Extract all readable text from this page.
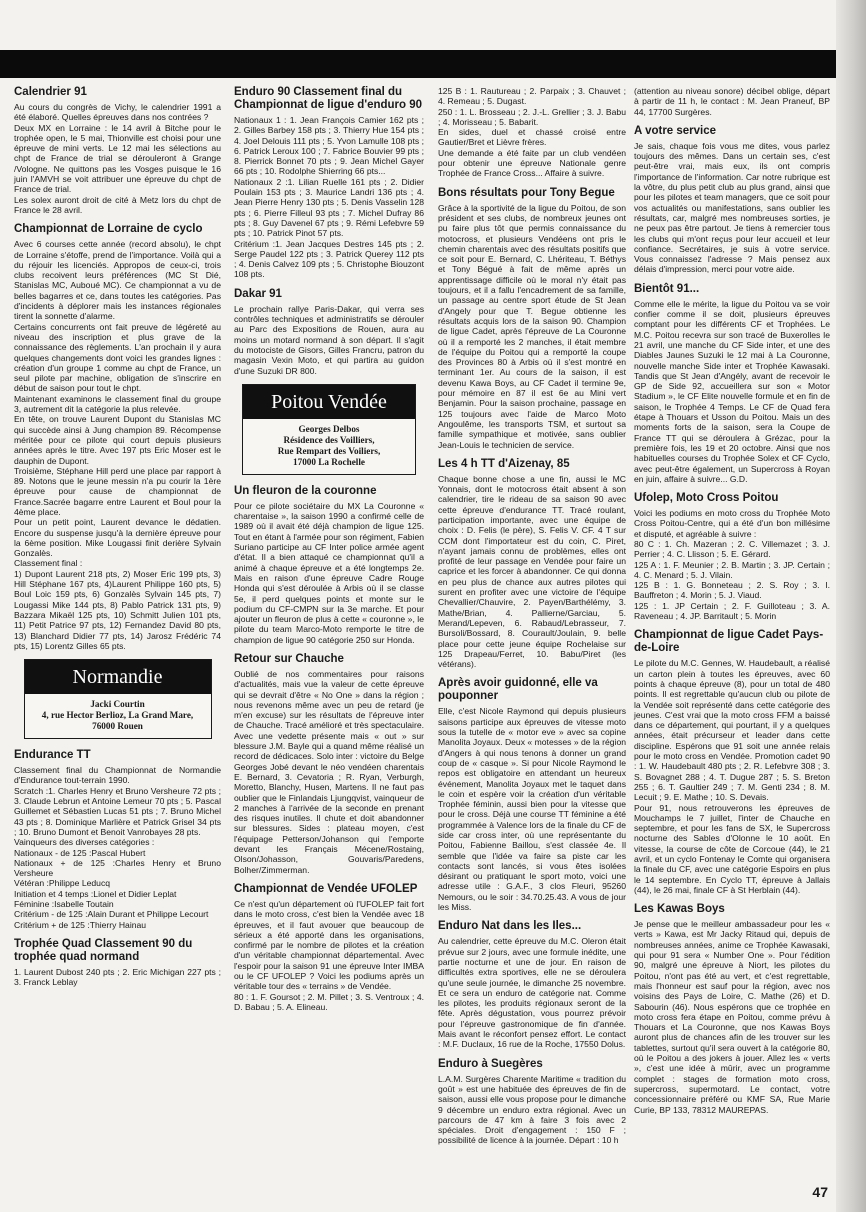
Calendrier 91

Au cours du congrès de Vichy, le calendrier 1991 a été élaboré. Quelles épreuves dans nos contrées ?

Deux MX en Lorraine : le 14 avril à Bitche pour le trophée open, le 5 mai, Thionville est choisi pour une épreuve de mini verts. Le 12 mai les sélections au chpt de France de trial se dérouleront à Grange /Vologne. Ne quittons pas les Vosges puisque le 16 juin l'AMVH se voit attribuer une épreuve du chpt de France de trial.

Les solex auront droit de cité à Metz lors du chpt de France le 28 avril.

Championnat de Lorraine de cyclo

Avec 6 courses cette année (record absolu), le chpt de Lorraine s'étoffe, prend de l'importance. Voilà qui a du réjouir les licenciés. Appropos de ceux-ci, trois clubs recoivent leurs préférences (MC St Dié, Stanislas MC, Auboué MC). Ce championnat a vu de belles bagarres et ce, dans toutes les catégories. Pas d'incidents à déplorer mais les instances régionales tirent la sonnette d'alarme.

Certains concurrents ont fait preuve de légéreté au niveau des inscription et plus grave de la connaissance des règlements. L'an prochain il y aura quelques changements dont voici les grandes lignes : création d'un groupe 1 comme au chpt de France, un seul pilote par machine, obligation de s'inscrire en début de saison pour tout le chpt.

Maintenant examinons le classement final du groupe 3, autrement dit la catégorie la plus relevée.

En tête, on trouve Laurent Dupont du Stanislas MC qui succède ainsi à Jung champion 89. Récompense méritée pour ce pilote qui court depuis plusieurs années après le titre. Avec 197 pts Eric Moser est le dauphin de Dupont.

Troisième, Stéphane Hill perd une place par rapport à 89. Notons que le jeune messin n'a pu courir la 1ère épreuve pour cause de championnat de France.Sacrée bagarre entre Laurent et Boul pour la 4ème place.

Pour un petit point, Laurent devance le dédatien. Encore du suspense jusqu'à la dernière épreuve pour la 6ème position. Mike Lougassi finit derière Sylvain Gonzalès.

Classement final :

1) Dupont Laurent 218 pts, 2) Moser Eric 199 pts, 3) Hill Stéphane 167 pts, 4)Laurent Philippe 160 pts, 5) Boul Loic 159 pts, 6) Gonzalès Sylvain 145 pts, 7) Lougassi Mike 144 pts, 8) Pablo Patrick 131 pts, 9) Bazzara Mikaël 125 pts, 10) Schmitt Julien 101 pts, 11) Petit Patrice 97 pts, 12) Fernandez David 80 pts, 13) Blanchard Didier 77 pts, 14) Jarosz Frédéric 74 pts, 15) Lorentz Gilles 65 pts.

Normandie
Jacki Courtin
4, rue Hector Berlioz, La Grand Mare,
76000 Rouen
Endurance TT

Classement final du Championnat de Normandie d'Endurance tout-terrain 1990.

Scratch :1. Charles Henry et Bruno Versheure 72 pts ; 3. Claude Lebrun et Antoine Lemeur 70 pts ; 5. Pascal Guillemet et Sébastien Lucas 51 pts ; 7. Bruno Michel 43 pts ; 8. Dominique Marlière et Patrick Grisel 34 pts ; 10. Bruno Dumont et Benoit Vanrobayes 28 pts.

Vainqueurs des diverses catégories :

Nationaux - de 125 :Pascal Hubert

Nationaux + de 125 :Charles Henry et Bruno Versheure

Vétéran :Philippe Leducq

Initiation et 4 temps :Lionel et Didier Leplat

Féminine :Isabelle Toutain

Critérium - de 125 :Alain Durant et Philippe Lecourt

Critérium + de 125 :Thierry Hainau

Trophée Quad Classement 90 du trophée quad normand

1. Laurent Dubost 240 pts ; 2. Eric Michigan 227 pts ; 3. Franck Leblay

Enduro 90 Classement final du Championnat de ligue d'enduro 90

Nationaux 1 : 1. Jean François Camier 162 pts ; 2. Gilles Barbey 158 pts ; 3. Thierry Hue 154 pts ; 4. Joel Delouis 111 pts ; 5. Yvon Lamulle 108 pts ; 6. Patrick Leroux 100 ; 7. Fabrice Bouvier 99 pts ; 8. Pierrick Bonnet 70 pts ; 9. Jean Michel Gayer 66 pts ; 10. Rodolphe Shierring 66 pts...

Nationaux 2 :1. Lilian Ruelle 161 pts ; 2. Didier Poulain 153 pts ; 3. Maurice Landri 136 pts ; 4. Jean Pierre Henry 130 pts ; 5. Denis Vasselin 128 pts ; 6. Pierre Filleul 93 pts ; 7. Michel Dufray 86 pts ; 8. Guy Davenel 67 pts ; 9. Rémi Lefebvre 59 pts ; 10. Patrick Pinot 57 pts.

Critérium :1. Jean Jacques Destres 145 pts ; 2. Serge Paudel 122 pts ; 3. Patrick Querey 112 pts ; 4. Denis Calvez 109 pts ; 5. Christophe Biouzont 108 pts.

Dakar 91

Le prochain rallye Paris-Dakar, qui verra ses contrôles techniques et administratifs se dérouler au Parc des Expositions de Rouen, aura au moins un motard normand à son départ. Il s'agit du motociste de Gisors, Gilles Francru, patron du magasin Vexin Moto, et qui partira au guidon d'une Suzuki DR 800.

Poitou Vendée
Georges Delbos
Résidence des Voilliers,
Rue Rempart des Voiliers,
17000 La Rochelle
Un fleuron de la couronne

Pour ce pilote sociétaire du MX La Couronne « charentaise », la saison 1990 a confirmé celle de 1989 où il avait été déjà champion de ligue 125. Tout en étant à l'armée pour son régiment, Fabien Suriano participe au CF Inter police armée agent d'état. Il a bien attaqué ce championnat qu'il a animé à chaque épreuve et a été longtemps 2e. Mais en raison d'une épreuve Cadre Rouge Honda qui s'est déroulée à Arbis où il se classe 5e, il perd quelques points et monte sur le podium du CF-CMPN sur la 3e marche. Et pour ajouter un fleuron de plus à cette « couronne », le pilote du team Marco-Moto remporte le titre de champion de ligue 90 catégorie 250 sur Honda.

Retour sur Chauche

Oublié de nos commentaires pour raisons d'actualités, mais vue la valeur de cette épreuve qui se devrait d'être « No One » dans la région ; nous revenons même avec un peu de retard (je m'en excuse) sur les résultats de l'épreuve inter de Chauche. Tracé amélioré et très spectaculaire. Avec une vedette présente mais « out » sur blessure J.M. Bayle qui a quand même réalisé un record de dédicaces. Solo inter : victoire du Belge Georges Jobé devant le néo vendéen charentais E. Bernard, 3. Cevatoria ; R. Ryan, Verburgh, Moretto, Blanchy, Husen, Martens. Il ne faut pas oublier que le Finlandais Ljungqvist, vainqueur de 2 manches à l'arrivée de la seconde en prenant des risques inutiles. Il chute et doit abandonner sur blessures. Sides : plateau moyen, c'est l'équipage Petterson/Johanson qui l'emporte devant les Français Mécene/Rostaing, Olson/Johasson, Gouvaris/Paredens, Bolher/Zimmerman.

Championnat de Vendée UFOLEP

Ce n'est qu'un département où l'UFOLEP fait fort dans le moto cross, c'est bien la Vendée avec 18 épreuves, et il faut avouer que beaucoup de sérieux a été apporté dans les organisations, confirmé par le nombre de pilotes et la création d'un véritable championnat départemental. Avec l'espoir pour la saison 91 une épreuve Inter IMBA ou le CF UFOLEP ? Voici les podiums après un véritable tour des « terrains » de Vendée.

80 : 1. F. Goursot ; 2. M. Pillet ; 3. S. Ventroux ; 4. D. Babau ; 5. A. Elineau.

125 B : 1. Rautureau ; 2. Parpaix ; 3. Chauvet ; 4. Remeau ; 5. Dugast.

250 : 1. L. Brosseau ; 2. J.-L. Grellier ; 3. J. Babu ; 4. Morisseau ; 5. Babarit.

En sides, duel et chassé croisé entre Gautier/Bret et Lièvre frères.

Une demande a été faite par un club vendéen pour obtenir une épreuve Nationale genre Trophée de France Cross... Affaire à suivre.

Bons résultats pour Tony Begue

Grâce à la sportivité de la ligue du Poitou, de son président et ses clubs, de nombreux jeunes ont pu faire plus tôt que permis connaissance du motocross, et plusieurs Vendéens ont pris le chemin charentais avec des résultats positifs que ce soit pour E. Bernard, C. Lhériteau, T. Béthys et Tony Bégué à fait de même après un apprentissage difficile où le moral n'y était pas toujours, et il a fallu l'encadrement de sa famille, un passage au centre sport étude de St Jean d'Angely pour que T. Begue obtienne les résultats acquis lors de la saison 90. Champion de ligue Cadet, après l'épreuve de La Couronne où il a remporté les 2 manches, il était membre de l'équipe du Poitou qui a remporté la coupe des Provinces 80 à Arbis où il s'est montré en terminant 1er. Au cours de la saison, il est devenu Kawa Boys, au CF Cadet il termine 9e, pour mémoire en 87 il est 6e au Mini vert Benjamin. Pour la saison prochaine, passage en 125 toujours avec l'aide de Marco Moto Angoulême, les transports TSM, et surtout sa famille sympathique et motivée, sans oublier Jean-Louis le technicien de service.

Les 4 h TT d'Aizenay, 85

Chaque bonne chose a une fin, aussi le MC Yonnais, dont le motocross était absent à son calendrier, tire le rideau de sa saison 90 avec cette épreuve d'endurance TT. Tracé roulant, participation importante, avec une équipe de choix : D. Felis (le père), S. Felis V. CF. 4 T sur CCM dont l'importateur est du coin, C. Piret, n'ayant jamais connu de problèmes, elles ont profité de leur passage en Vendée pour faire un caprice et les forcer à abandonner. Ce qui donna en peu plus de chance aux autres pilotes qui surent en profiter avec une victoire de l'équipe Chevallier/Chauvire, 2. Payen/Barthélémy, 3. Mathe/Brian, 4. Pallierne/Garciau, 5. Merand/Lepeven, 6. Rabaud/Lebrasseur, 7. Bursoli/Bossard, 8. Courault/Joulain, 9. belle place pour cette jeune équipe Rochelaise sur 125 Drapeau/Ferret, 10. Babu/Piret (les vétérans).

Après avoir guidonné, elle va pouponner

Elle, c'est Nicole Raymond qui depuis plusieurs saisons participe aux épreuves de vitesse moto sous la tutelle de « motor eve » avec sa copine Manolita Joyaux. Deux « motesses » de la région d'Angers à qui nous tenons à donner un grand coup de « casque ». Si pour Nicole Raymond le repos est obligatoire en attendant un heureux événement, Manolita Joyaux met le taquet dans le coin et espère voir la création d'un véritable Trophée féminin, aussi bien pour la vitesse que pour le cross. Déjà une course TT féminine a été programmée à Valence lors de la finale du CF de side car cross inter, où une représentante du Poitou, Fabienne Baillou, s'est classée 4e. Il semble que l'idée va faire sa piste car les contacts sont lancés, si vous êtes isolées désirant ou pratiquant le sport moto, voici une adresse utile : G.A.F., 3 clos Fleuri, 95260 Nemours, ou le soir : 34.70.25.43. A vous de jour les Miss.

Enduro Nat dans les Iles...

Au calendrier, cette épreuve du M.C. Oleron était prévue sur 2 jours, avec une formule inédite, une partie nocturne et une de jour. En raison de difficultés extra sportives, elle ne se déroulera qu'une seule journée, le dimanche 25 novembre. Et ce sera un enduro de catégorie nat. Comme les pilotes, les produits régionaux seront de la fête. Après dégustation, vous pourrez prévoir pour l'épreuve gastronomique de fin d'année. Mais avant le réconfort pensez effort. Le contact : M.F. Duclaux, 16 rue de la Roche, 17550 Dolus.

Enduro à Suegères

L.A.M. Surgères Charente Maritime « tradition du goût » est une habituée des épreuves de fin de saison, aussi elle vous propose pour le dimanche 9 décembre un enduro extra régional. Avec un parcours de 47 km à faire 3 fois avec 2 spéciales. Droit d'engagement : 150 F ; possibilité de licence à la journée. Départ : 10 h

(attention au niveau sonore) décibel oblige, départ à partir de 11 h, le contact : M. Jean Praneuf, BP 44, 17700 Surgères.

A votre service

Je sais, chaque fois vous me dites, vous parlez toujours des mêmes. Dans un certain ses, c'est peut-être vrai, mais eux, ils ont compris l'importance de l'information. Car notre rubrique est la vôtre, du plus petit club au plus grand, ainsi que pour les pilotes et team managers, que ce soit pour vos actualités ou manifestations, sans oublier les résultats, car, malgré mes nombreuses sorties, je ne peux pas être partout. Je tiens à remercier tous les clubs qui m'ont reçus pour leur accueil et leur confiance. Secrétaires, je suis à votre service. Vous connaissez l'adresse ? Mais pensez aux délais d'impression, merci pour votre aide.

Bientôt 91...

Comme elle le mérite, la ligue du Poitou va se voir confier comme il se doit, plusieurs épreuves comptant pour les différents CF et Trophées. Le M.C. Poitou recevra sur son tracé de Buxerolles le 21 avril, une manche du CF Side inter, et une des Diables Jaunes Suzuki le 12 mai à La Couronne, nouvelle manche Side inter et Trophée Kawasaki. Tandis que St Jean d'Angély, avant de recevoir le GP de Side 92, accueillera sur son « Motor Stadium », le CF Elite nouvelle formule et en fin de saison, le Trophée 4 Temps. Le CF de Quad fera étape à Thouars et Usson du Poitou. Mais un des moments forts de la saison, sera la Coupe de France TT qui se déroulera à Grézac, pour la première fois, les 19 et 20 octobre. Ainsi que nos habituelles courses du Trophée Solex et CF Cyclo, avec peut-être également, un Supercross à Royan en juin, affaire à suivre... G.D.

Ufolep, Moto Cross Poitou

Voici les podiums en moto cross du Trophée Moto Cross Poitou-Centre, qui a été d'un bon millésime et disputé, et agréable à suivre :

80 C : 1. Ch. Mazeran ; 2. C. Villemazet ; 3. J. Perrier ; 4. C. Llisson ; 5. E. Gérard.

125 A : 1. F. Meunier ; 2. B. Martin ; 3. JP. Certain ; 4. C. Menard ; 5. J. Vilain.

125 B : 1. G. Bonneteau ; 2. S. Roy ; 3. I. Bauffreton ; 4. Morin ; 5. J. Viaud.

125 : 1. JP Certain ; 2. F. Guilloteau ; 3. A. Raveneau ; 4. JP. Barritault ; 5. Morin

Championnat de ligue Cadet Pays-de-Loire

Le pilote du M.C. Gennes, W. Haudebault, a réalisé un carton plein à toutes les épreuves, avec 60 points à chaque épreuve (8), pour un total de 480 points. Il est regrettable qu'aucun club ou pilote de la Vendée soit représenté dans cette catégorie des jeunes. C'est vrai que la moto cross FFM a baissé dans ce département, qui pourtant, il y a quelques années, était précurseur et leader dans cette discipline. Espérons que 91 soit une année relais pour le moto cross en Vendée. Promotion cadet 90 : 1. W. Haudebault 480 pts ; 2. R. Lefebvre 308 ; 3. S. Bovagnet 288 ; 4. T. Dugue 287 ; 5. S. Breton 255 ; 6. T. Gaultier 249 ; 7. M. Genti 234 ; 8. M. Lecuit ; 9. E. Mathe ; 10. S. Devais.

Pour 91, nous retrouverons les épreuves de Mouchamps le 7 juillet, l'inter de Chauche en septembre, et pour les fans de SX, le Supercross nocturne des Sables d'Olonne le 10 août. En vitesse, la course de côte de Corcoue (44), le 21 avril, et un cyclo Fontenay le Comte qui organisera la finale du CF, avec une catégorie Espoirs en plus le 14 septembre. En Cyclo TT, épreuve à Jallais (44), le 26 mai, finale CF à St Herblain (44).

Les Kawas Boys

Je pense que le meilleur ambassadeur pour les « verts » Kawa, est Mr Jacky Ritaud qui, depuis de nombreuses années, anime ce Trophée Kawasaki, qui pour 91 sera « Number One ». Pour l'édition 90, malgré une épreuve à Niort, les pilotes du Poitou, n'ont pas été au vert, et c'est regrettable, mais l'honneur est sauf pour la région, avec nos voisins des Pays de Loire, C. Mathe (26) et D. Sabourin (46). Nous espérons que ce trophée en moto cross fera étape en Poitou, comme prévu à Thouars et La Couronne, que nos Kawas Boys auront plus de chances afin de les trouver sur les tablettes, surtout qu'il sera ouvert à la catégorie 80, où le Poitou a des jokers à jouer. Allez les « verts », c'est une idée à mûrir, avec un programme complet : stages de formation moto cross, supercross, supermotard. Le contact, votre concessionnaire préféré ou KMF SA, Rue Marie Curie, BP 133, 78312 MAUREPAS.

47
